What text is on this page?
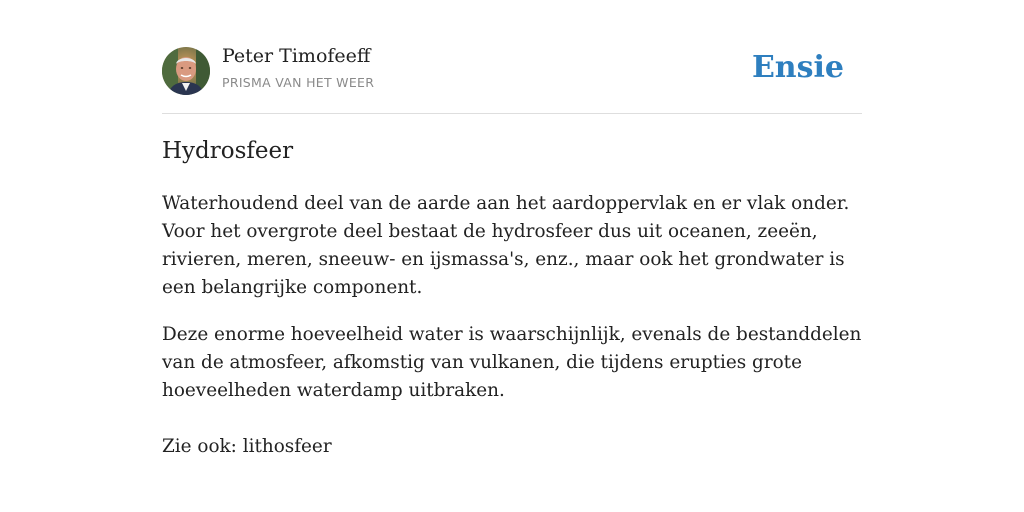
Peter Timofeeff
PRISMA VAN HET WEER	Ensie
Hydrosfeer

Waterhoudend deel van de aarde aan het aardoppervlak en er vlak onder. Voor het overgrote deel bestaat de hydrosfeer dus uit oceanen, zeeën, rivieren, meren, sneeuw- en ijsmassa's, enz., maar ook het grondwater is een belangrijke component.

Deze enorme hoeveelheid water is waarschijnlijk, evenals de bestanddelen van de atmosfeer, afkomstig van vulkanen, die tijdens erupties grote hoeveelheden waterdamp uitbraken.

Zie ook: lithosfeer
